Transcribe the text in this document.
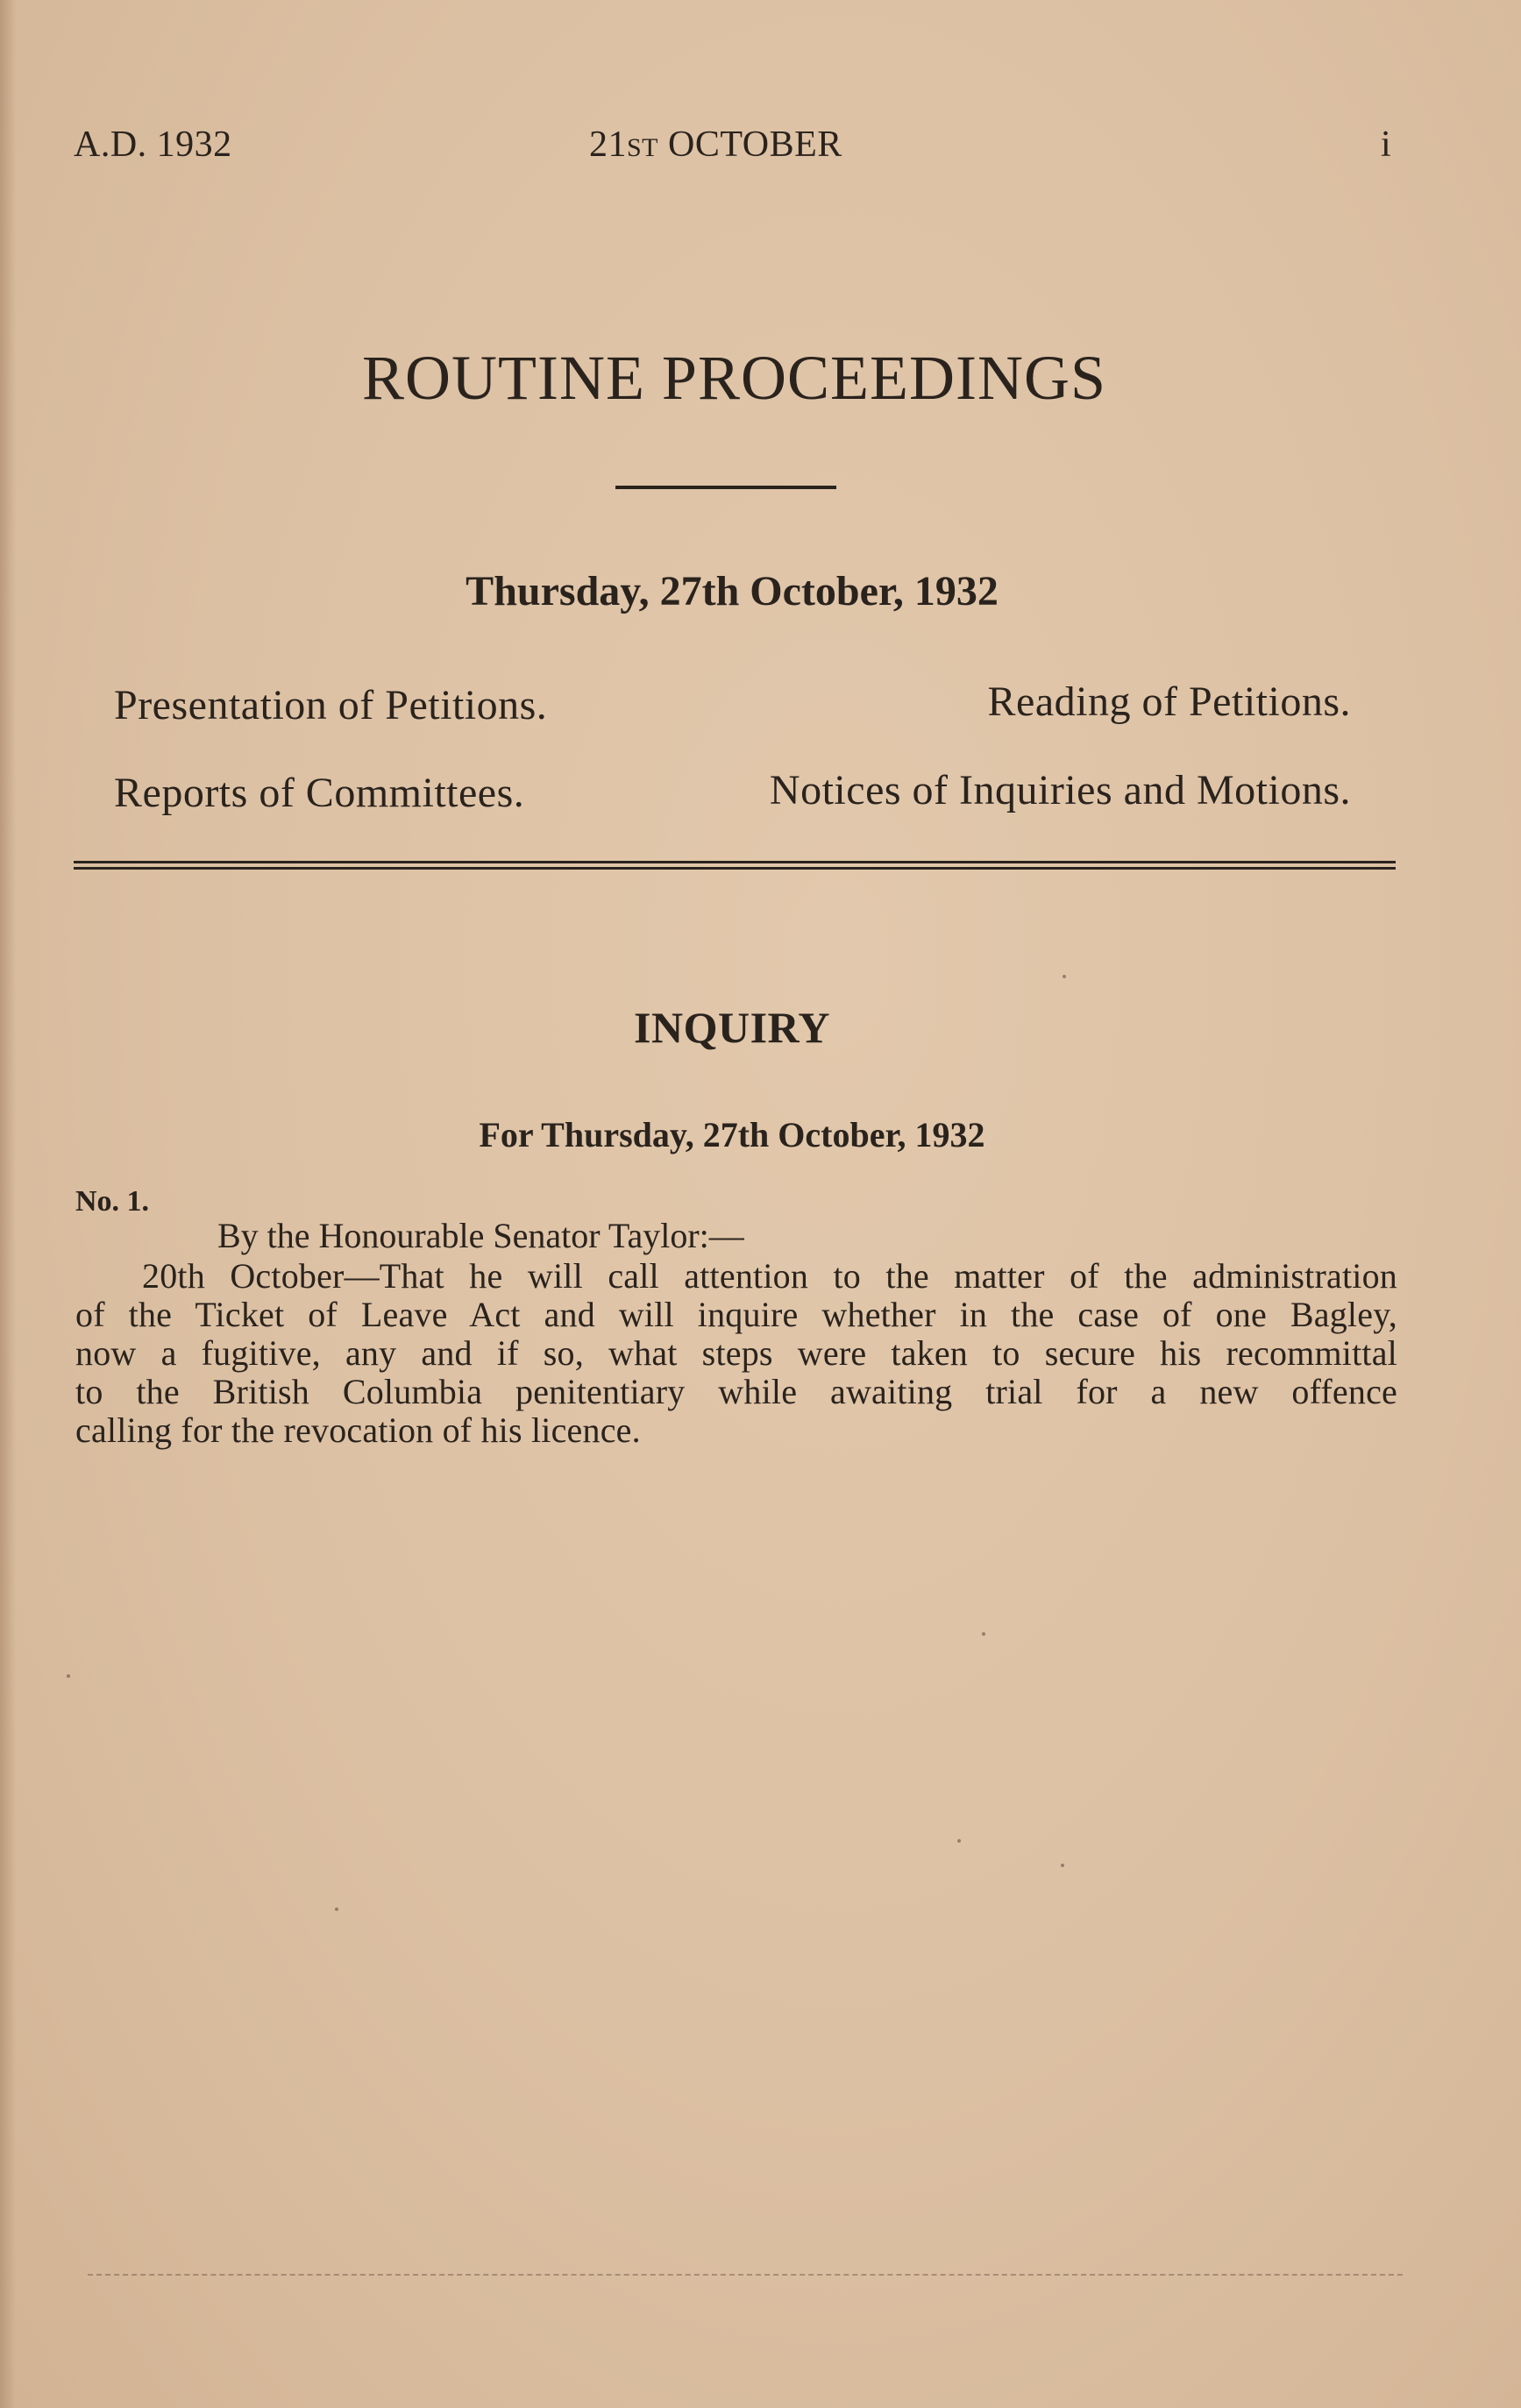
A.D. 1932	21ST OCTOBER	i
ROUTINE PROCEEDINGS
Thursday, 27th October, 1932
Presentation of Petitions.	Reading of Petitions.
Reports of Committees.	Notices of Inquiries and Motions.
INQUIRY
For Thursday, 27th October, 1932
No. 1.
By the Honourable Senator Taylor:—
20th October—That he will call attention to the matter of the administration
of the Ticket of Leave Act and will inquire whether in the case of one Bagley,
now a fugitive, any and if so, what steps were taken to secure his recommittal
to the British Columbia penitentiary while awaiting trial for a new offence
calling for the revocation of his licence.
